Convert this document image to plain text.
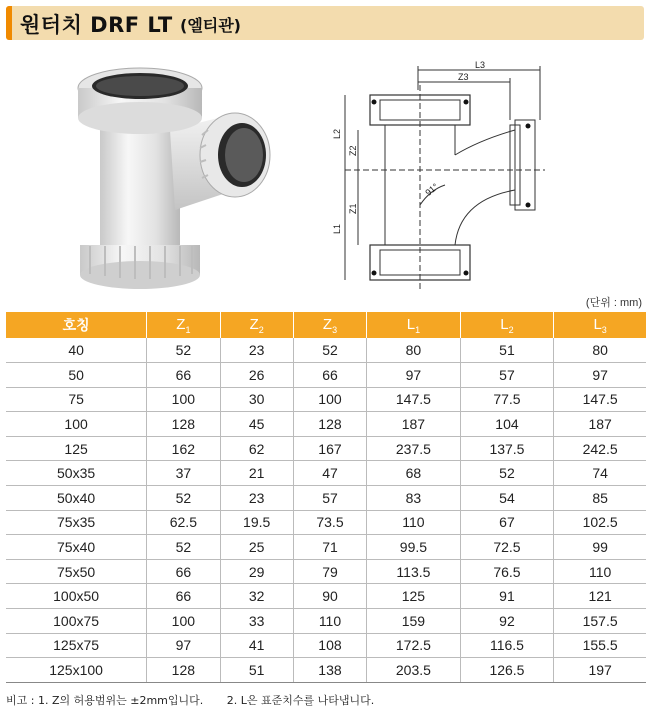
원터치 DRF LT (엘티관)
L3
Z3
L2
Z2
Z1
L1
91°
(단위 : mm)
호칭	$Z_1$	$Z_2$	$Z_3$	$L_1$	$L_2$	$L_3$
40	52	23	52	80	51	80
50	66	26	66	97	57	97
75	100	30	100	147.5	77.5	147.5
100	128	45	128	187	104	187
125	162	62	167	237.5	137.5	242.5
50x35	37	21	47	68	52	74
50x40	52	23	57	83	54	85
75x35	62.5	19.5	73.5	110	67	102.5
75x40	52	25	71	99.5	72.5	99
75x50	66	29	79	113.5	76.5	110
100x50	66	32	90	125	91	121
100x75	100	33	110	159	92	157.5
125x75	97	41	108	172.5	116.5	155.5
125x100	128	51	138	203.5	126.5	197
비고 : 1. Z의 허용범위는 ±2mm입니다. 2. L은 표준치수를 나타냅니다.
